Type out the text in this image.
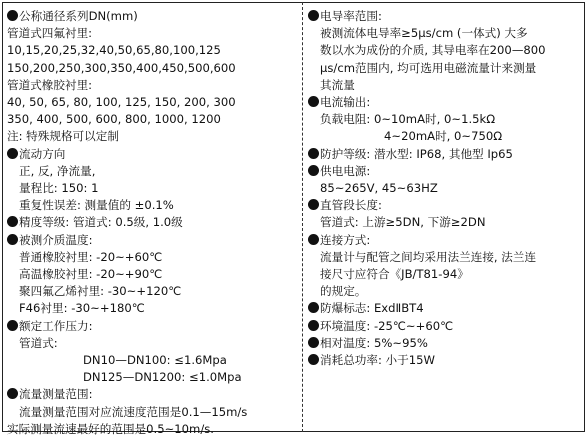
公称通径系列DN(mm)
管道式四氟衬里:
10,15,20,25,32,40,50,65,80,100,125
150,200,250,300,350,400,450,500,600
管道式橡胶衬里:
40, 50, 65, 80, 100, 125, 150, 200, 300
350, 400, 500, 600, 800, 1000, 1200
注: 特殊规格可以定制
流动方向
正, 反, 净流量,
量程比: 150: 1
重复性误差: 测量值的 ±0.1%
精度等级: 管道式: 0.5级, 1.0级
被测介质温度:
普通橡胶衬里: -20~+60℃
高温橡胶衬里: -20~+90℃
聚四氟乙烯衬里: -30~+120℃
F46衬里: -30~+180℃
额定工作压力:
管道式:
DN10—DN100: ≤1.6Mpa
DN125—DN1200: ≤1.0Mpa
流量测量范围:
流量测量范围对应流速度范围是0.1—15m/s
实际测量流速最好的范围是0.5~10m/s.
电导率范围:
被测流体电导率≥5μs/cm (一体式) 大多
数以水为成份的介质, 其导电率在200—800
μs/cm范围内, 均可选用电磁流量计来测量
其流量
电流输出:
负载电阻: 0~10mA时, 0~1.5kΩ
4~20mA时, 0~750Ω
防护等级: 潜水型: IP68, 其他型 Ip65
供电电源:
85~265V, 45~63HZ
直管段长度:
管道式: 上游≥5DN, 下游≥2DN
连接方式:
流量计与配管之间均采用法兰连接, 法兰连
接尺寸应符合《JB/T81-94》
的规定。
防爆标志: ExdⅡBT4
环境温度: -25℃~+60℃
相对温度: 5%~95%
消耗总功率: 小于15W
